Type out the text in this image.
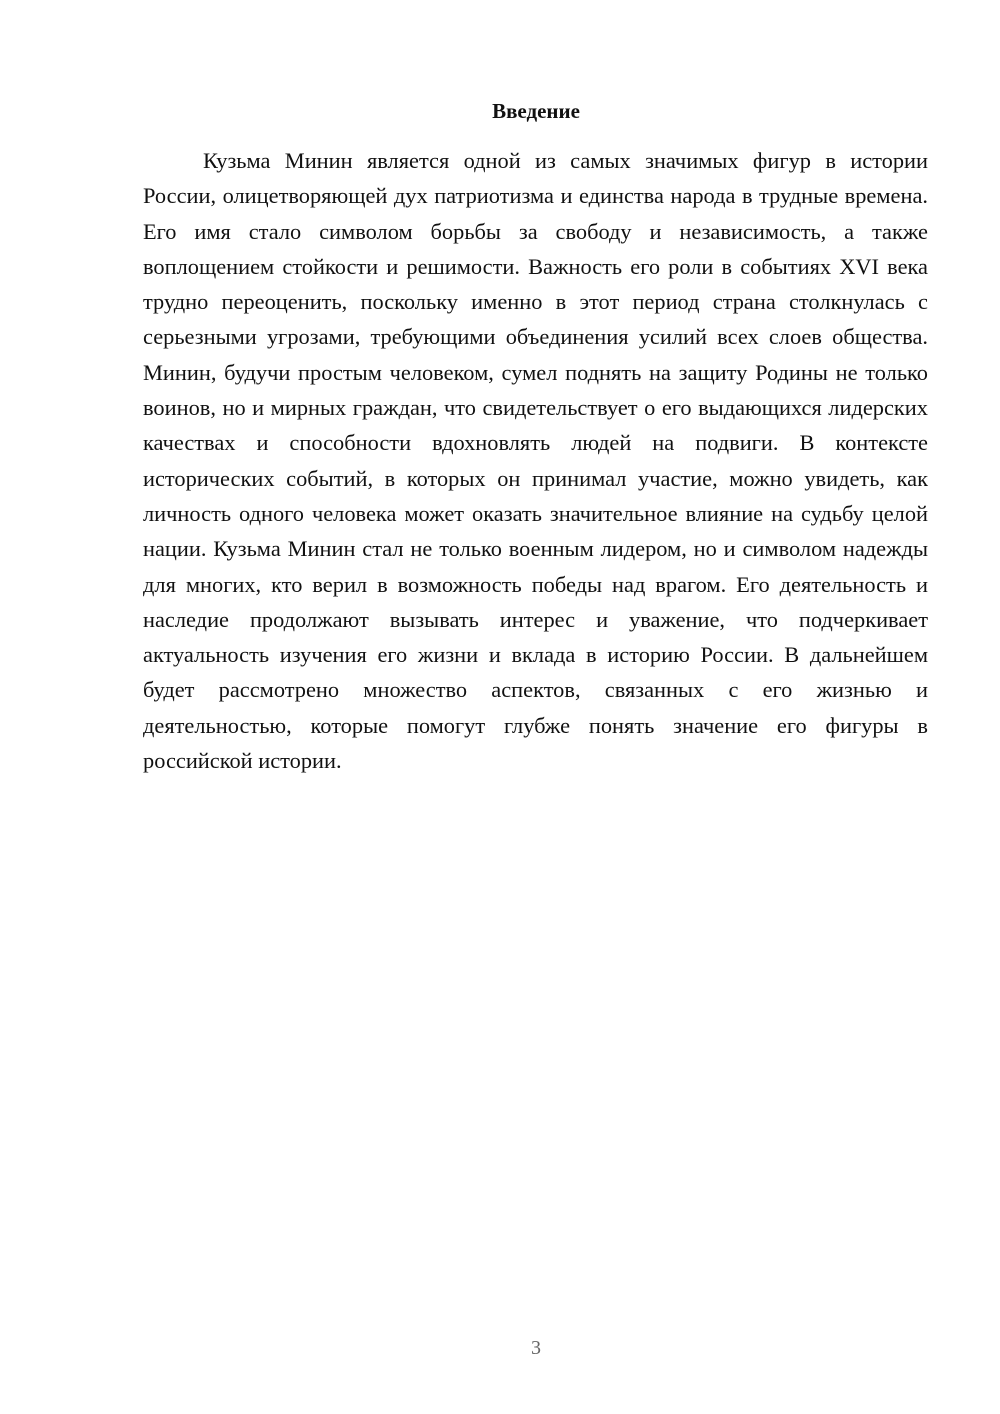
Введение

Кузьма Минин является одной из самых значимых фигур в истории России, олицетворяющей дух патриотизма и единства народа в трудные времена. Его имя стало символом борьбы за свободу и независимость, а также воплощением стойкости и решимости. Важность его роли в событиях XVI века трудно переоценить, поскольку именно в этот период страна столкнулась с серьезными угрозами, требующими объединения усилий всех слоев общества. Минин, будучи простым человеком, сумел поднять на защиту Родины не только воинов, но и мирных граждан, что свидетельствует о его выдающихся лидерских качествах и способности вдохновлять людей на подвиги. В контексте исторических событий, в которых он принимал участие, можно увидеть, как личность одного человека может оказать значительное влияние на судьбу целой нации. Кузьма Минин стал не только военным лидером, но и символом надежды для многих, кто верил в возможность победы над врагом. Его деятельность и наследие продолжают вызывать интерес и уважение, что подчеркивает актуальность изучения его жизни и вклада в историю России. В дальнейшем будет рассмотрено множество аспектов, связанных с его жизнью и деятельностью, которые помогут глубже понять значение его фигуры в российской истории.

3
